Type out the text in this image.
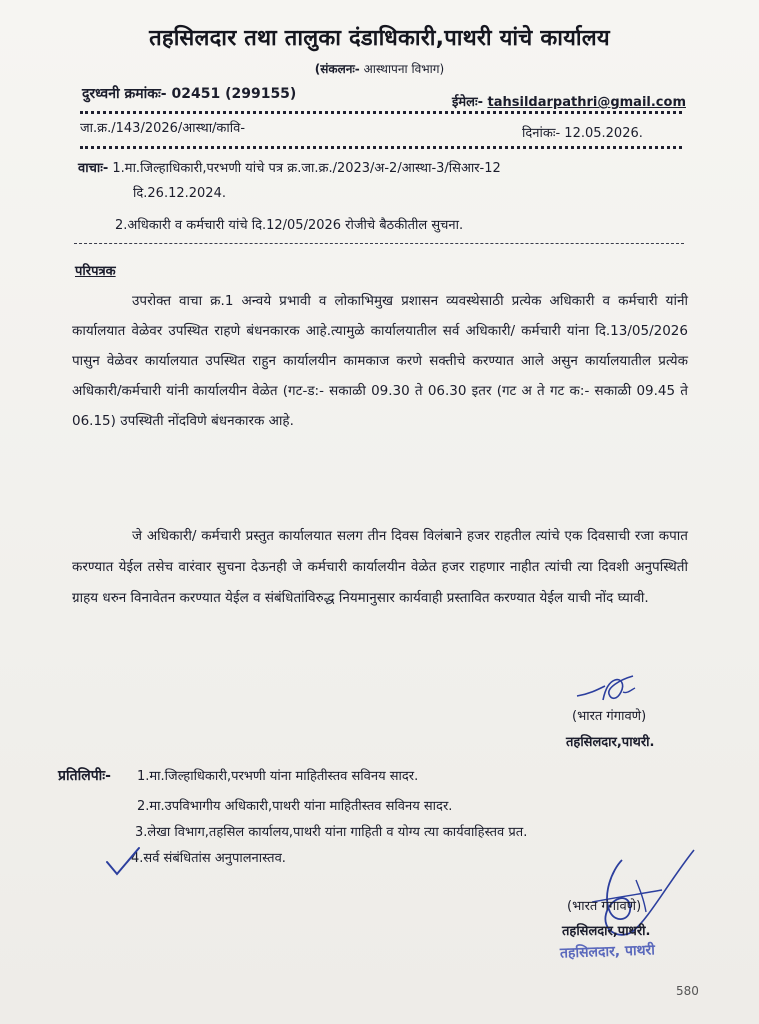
तहसिलदार तथा तालुका दंडाधिकारी,पाथरी यांचे कार्यालय
(संकलनः- आस्थापना विभाग)
दुरध्वनी क्रमांकः- 02451 (299155)
ईमेलः- tahsildarpathri@gmail.com
जा.क्र./143/2026/आस्था/कावि-	दिनांकः- 12.05.2026.
वाचाः- 1.मा.जिल्हाधिकारी,परभणी यांचे पत्र क्र.जा.क्र./2023/अ-2/आस्था-3/सिआर-12
दि.26.12.2024.
2.अधिकारी व कर्मचारी यांचे दि.12/05/2026 रोजीचे बैठकीतील सुचना.
परिपत्रक
उपरोक्त वाचा क्र.1 अन्वये प्रभावी व लोकाभिमुख प्रशासन व्यवस्थेसाठी प्रत्येक अधिकारी व कर्मचारी यांनी कार्यालयात वेळेवर उपस्थित राहणे बंधनकारक आहे.त्यामुळे कार्यालयातील सर्व अधिकारी/ कर्मचारी यांना दि.13/05/2026 पासुन वेळेवर कार्यालयात उपस्थित राहुन कार्यालयीन कामकाज करणे सक्तीचे करण्यात आले असुन कार्यालयातील प्रत्येक अधिकारी/कर्मचारी यांनी कार्यालयीन वेळेत (गट-ड:- सकाळी 09.30 ते 06.30 इतर (गट अ ते गट क:- सकाळी 09.45 ते 06.15) उपस्थिती नोंदविणे बंधनकारक आहे.
जे अधिकारी/ कर्मचारी प्रस्तुत कार्यालयात सलग तीन दिवस विलंबाने हजर राहतील त्यांचे एक दिवसाची रजा कपात करण्यात येईल तसेच वारंवार सुचना देऊनही जे कर्मचारी कार्यालयीन वेळेत हजर राहणार नाहीत त्यांची त्या दिवशी अनुपस्थिती ग्राहय धरुन विनावेतन करण्यात येईल व संबंधितांविरुद्ध नियमानुसार कार्यवाही प्रस्तावित करण्यात येईल याची नोंद घ्यावी.
(भारत गंगावणे)
तहसिलदार,पाथरी.
प्रतिलिपीः- 1.मा.जिल्हाधिकारी,परभणी यांना माहितीस्तव सविनय सादर.
2.मा.उपविभागीय अधिकारी,पाथरी यांना माहितीस्तव सविनय सादर.
3.लेखा विभाग,तहसिल कार्यालय,पाथरी यांना गाहिती व योग्य त्या कार्यवाहिस्तव प्रत.
4.सर्व संबंधितांस अनुपालनास्तव.
(भारत गंगावणे)
तहसिलदार,पाथरी.
तहसिलदार, पाथरी
580
